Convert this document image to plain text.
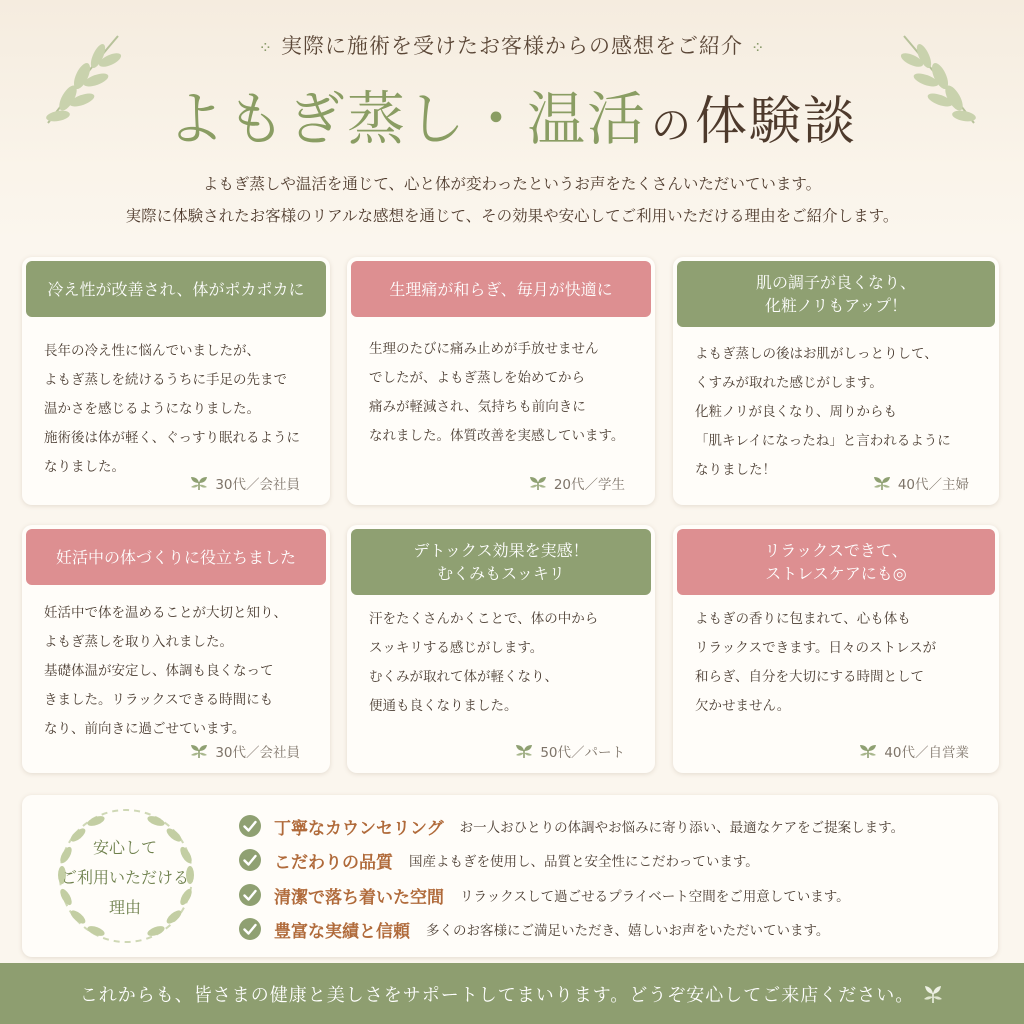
⁘ 実際に施術を受けたお客様からの感想をご紹介 ⁘
よもぎ蒸し・温活 の体験談
よもぎ蒸しや温活を通じて、心と体が変わったというお声をたくさんいただいています。
実際に体験されたお客様のリアルな感想を通じて、その効果や安心してご利用いただける理由をご紹介します。
冷え性が改善され、体がポカポカに
長年の冷え性に悩んでいましたが、
よもぎ蒸しを続けるうちに手足の先まで
温かさを感じるようになりました。
施術後は体が軽く、ぐっすり眠れるように
なりました。
30代／会社員
生理痛が和らぎ、毎月が快適に
生理のたびに痛み止めが手放せません
でしたが、よもぎ蒸しを始めてから
痛みが軽減され、気持ちも前向きに
なれました。体質改善を実感しています。
20代／学生
肌の調子が良くなり、
化粧ノリもアップ！
よもぎ蒸しの後はお肌がしっとりして、
くすみが取れた感じがします。
化粧ノリが良くなり、周りからも
「肌キレイになったね」と言われるように
なりました！
40代／主婦
妊活中の体づくりに役立ちました
妊活中で体を温めることが大切と知り、
よもぎ蒸しを取り入れました。
基礎体温が安定し、体調も良くなって
きました。リラックスできる時間にも
なり、前向きに過ごせています。
30代／会社員
デトックス効果を実感！
むくみもスッキリ
汗をたくさんかくことで、体の中から
スッキリする感じがします。
むくみが取れて体が軽くなり、
便通も良くなりました。
50代／パート
リラックスできて、
ストレスケアにも◎
よもぎの香りに包まれて、心も体も
リラックスできます。日々のストレスが
和らぎ、自分を大切にする時間として
欠かせません。
40代／自営業
安心して
ご利用いただける
理由
丁寧なカウンセリング お一人おひとりの体調やお悩みに寄り添い、最適なケアをご提案します。
こだわりの品質 国産よもぎを使用し、品質と安全性にこだわっています。
清潔で落ち着いた空間 リラックスして過ごせるプライベート空間をご用意しています。
豊富な実績と信頼 多くのお客様にご満足いただき、嬉しいお声をいただいています。
これからも、皆さまの健康と美しさをサポートしてまいります。どうぞ安心してご来店ください。
